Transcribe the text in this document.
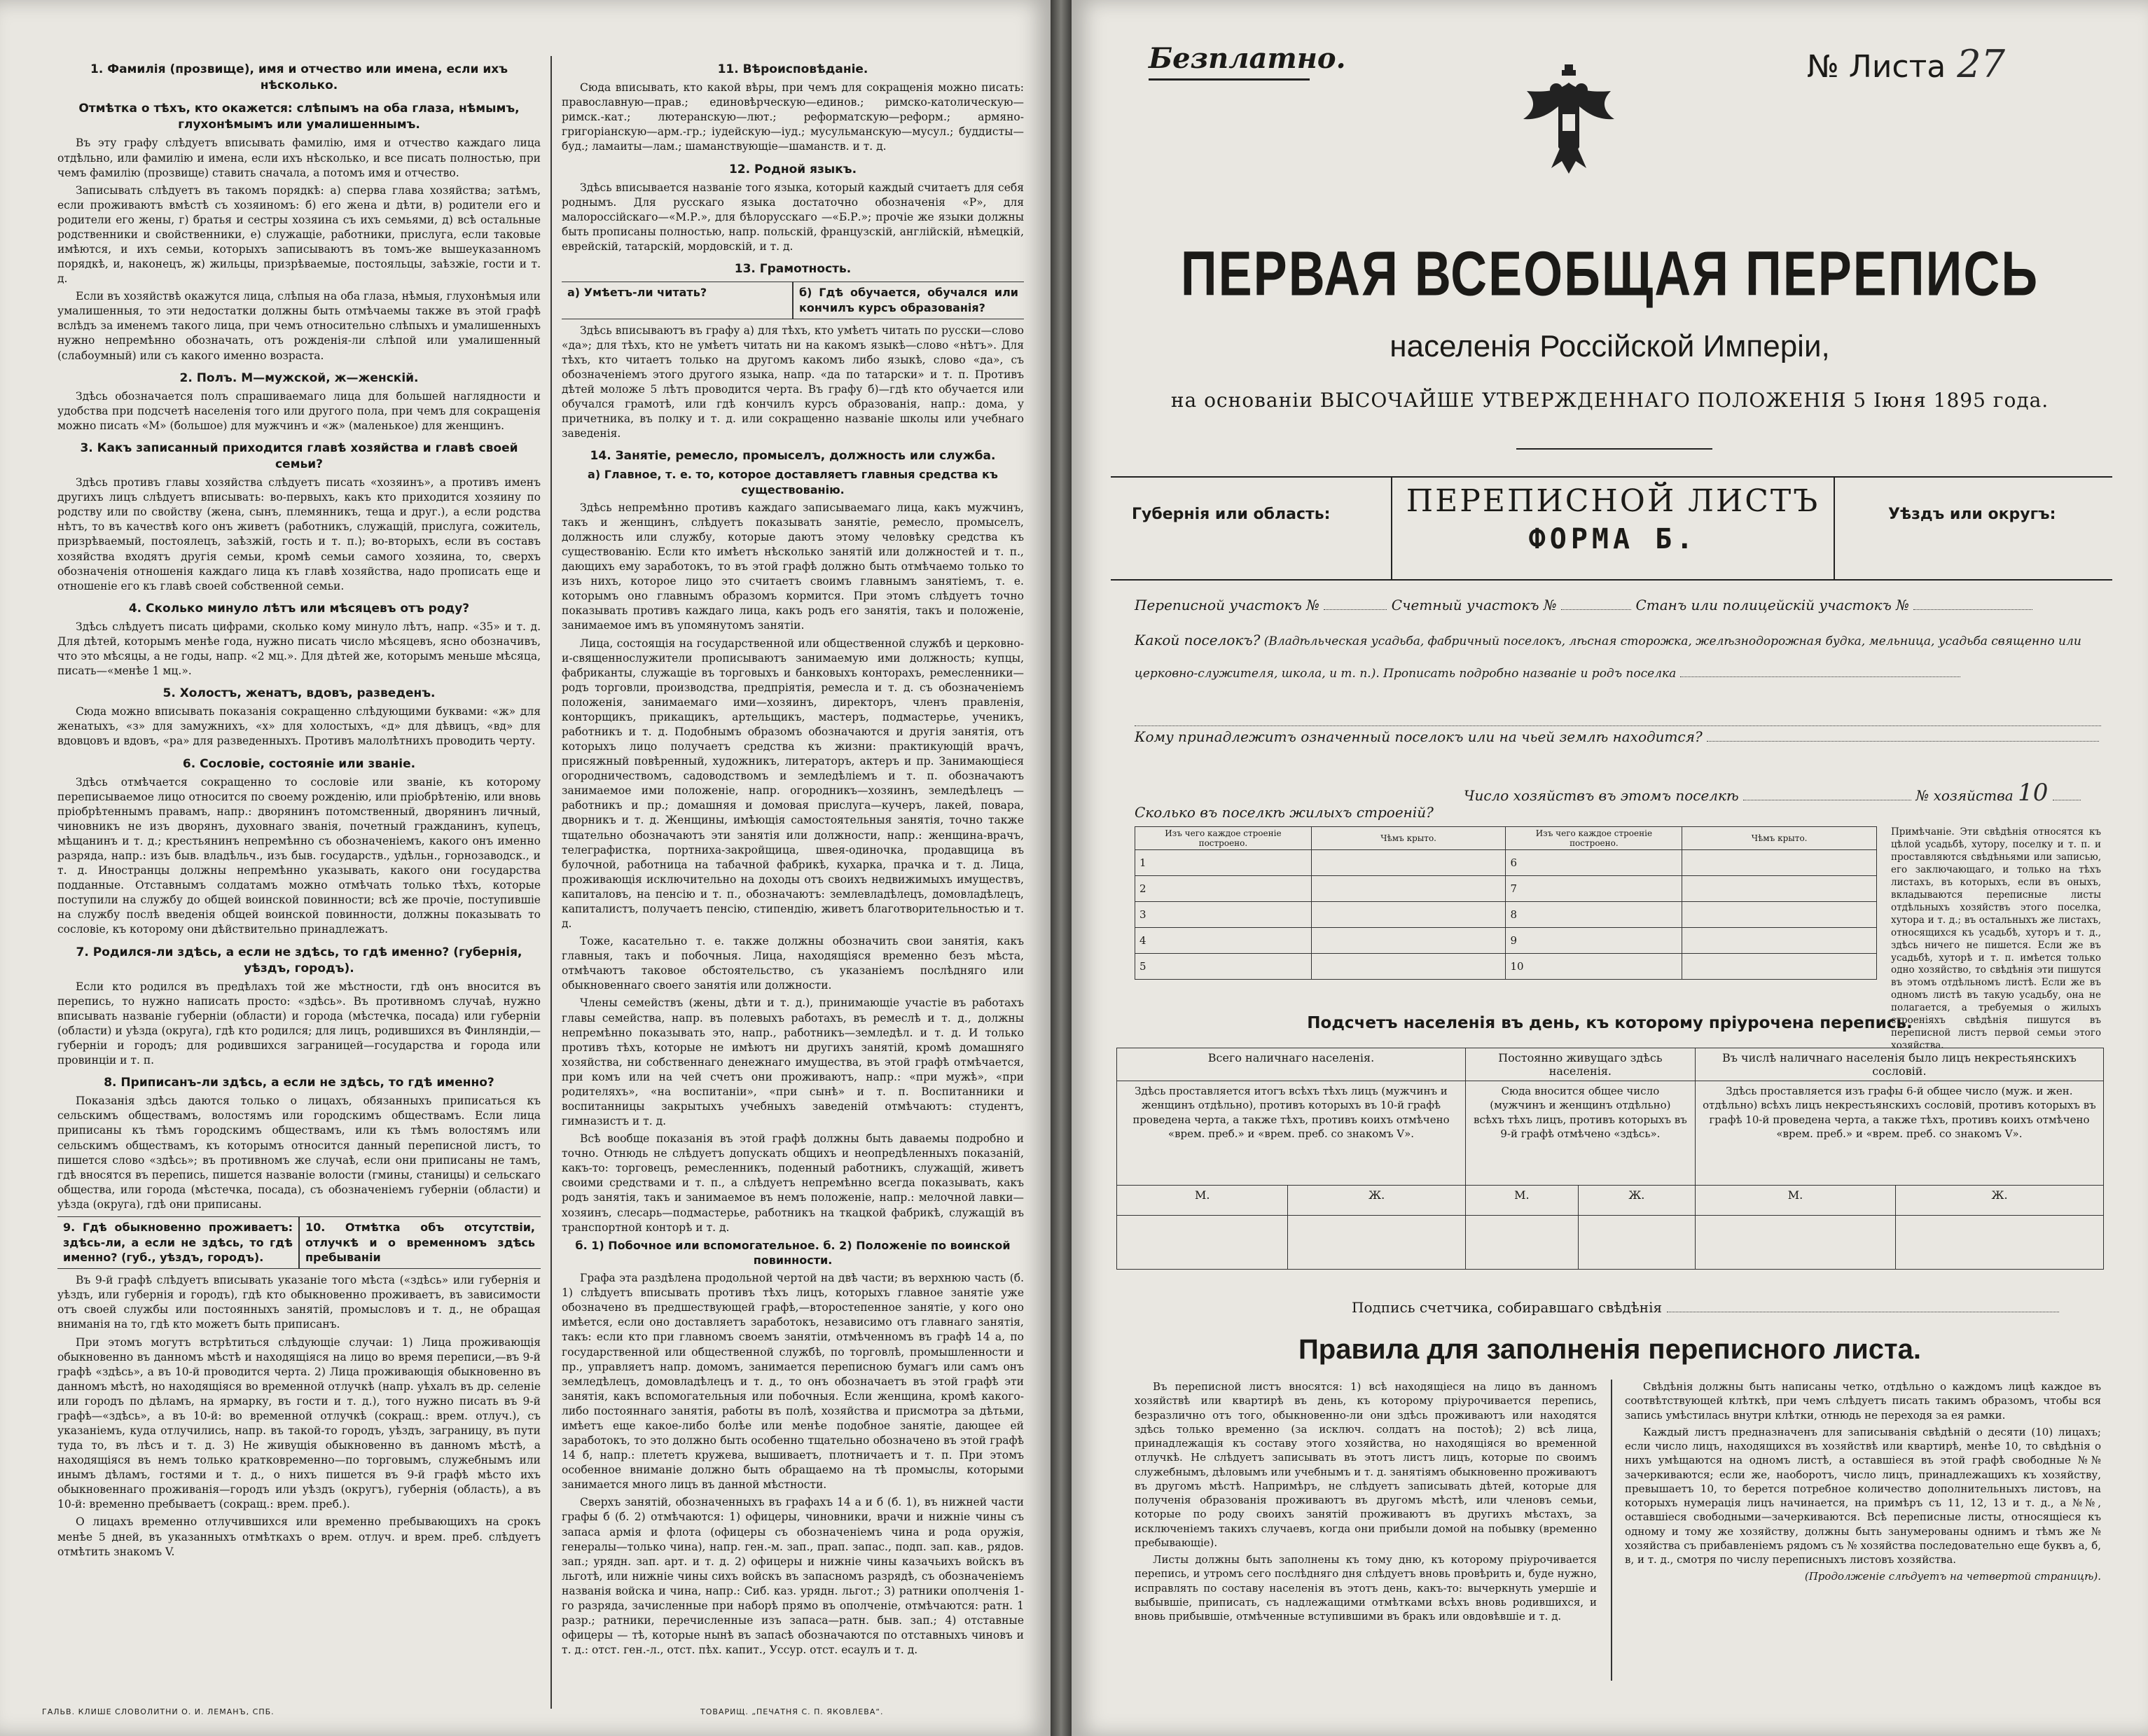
1. Фамилія (прозвище), имя и отчество или имена, если ихъ нѣсколько.
Отмѣтка о тѣхъ, кто окажется: слѣпымъ на оба глаза, нѣмымъ, глухонѣмымъ или умалишеннымъ.

Въ эту графу слѣдуетъ вписывать фамилію, имя и отчество каждаго лица отдѣльно, или фамилію и имена, если ихъ нѣсколько, и все писать полностью, при чемъ фамилію (прозвище) ставить сначала, а потомъ имя и отчество.

Записывать слѣдуетъ въ такомъ порядкѣ: а) сперва глава хозяйства; затѣмъ, если проживаютъ вмѣстѣ съ хозяиномъ: б) его жена и дѣти, в) родители его и родители его жены, г) братья и сестры хозяина съ ихъ семьями, д) всѣ остальные родственники и свойственники, е) служащіе, работники, прислуга, если таковые имѣются, и ихъ семьи, которыхъ записываютъ въ томъ-же вышеуказанномъ порядкѣ, и, наконецъ, ж) жильцы, призрѣваемые, постояльцы, заѣзжіе, гости и т. д.

Если въ хозяйствѣ окажутся лица, слѣпыя на оба глаза, нѣмыя, глухонѣмыя или умалишенныя, то эти недостатки должны быть отмѣчаемы также въ этой графѣ вслѣдъ за именемъ такого лица, при чемъ относительно слѣпыхъ и умалишенныхъ нужно непремѣнно обозначать, отъ рожденія-ли слѣпой или умалишенный (слабоумный) или съ какого именно возраста.

2. Полъ. М—мужской, ж—женскій.

Здѣсь обозначается полъ спрашиваемаго лица для большей наглядности и удобства при подсчетѣ населенія того или другого пола, при чемъ для сокращенія можно писать «М» (большое) для мужчинъ и «ж» (маленькое) для женщинъ.

3. Какъ записанный приходится главѣ хозяйства и главѣ своей семьи?

Здѣсь противъ главы хозяйства слѣдуетъ писать «хозяинъ», а противъ именъ другихъ лицъ слѣдуетъ вписывать: во-первыхъ, какъ кто приходится хозяину по родству или по свойству (жена, сынъ, племянникъ, теща и друг.), а если родства нѣтъ, то въ качествѣ кого онъ живетъ (работникъ, служащій, прислуга, сожитель, призрѣваемый, постоялецъ, заѣзжій, гость и т. п.); во-вторыхъ, если въ составъ хозяйства входятъ другія семьи, кромѣ семьи самого хозяина, то, сверхъ обозначенія отношенія каждаго лица къ главѣ хозяйства, надо прописать еще и отношеніе его къ главѣ своей собственной семьи.

4. Сколько минуло лѣтъ или мѣсяцевъ отъ роду?

Здѣсь слѣдуетъ писать цифрами, сколько кому минуло лѣтъ, напр. «35» и т. д. Для дѣтей, которымъ менѣе года, нужно писать число мѣсяцевъ, ясно обозначивъ, что это мѣсяцы, а не годы, напр. «2 мц.». Для дѣтей же, которымъ меньше мѣсяца, писать—«менѣе 1 мц.».

5. Холостъ, женатъ, вдовъ, разведенъ.

Сюда можно вписывать показанія сокращенно слѣдующими буквами: «ж» для женатыхъ, «з» для замужнихъ, «х» для холостыхъ, «д» для дѣвицъ, «вд» для вдовцовъ и вдовъ, «ра» для разведенныхъ. Противъ малолѣтнихъ проводить черту.

6. Сословіе, состояніе или званіе.

Здѣсь отмѣчается сокращенно то сословіе или званіе, къ которому переписываемое лицо относится по своему рожденію, или пріобрѣтенію, или вновь пріобрѣтеннымъ правамъ, напр.: дворянинъ потомственный, дворянинъ личный, чиновникъ не изъ дворянъ, духовнаго званія, почетный гражданинъ, купецъ, мѣщанинъ и т. д.; крестьянинъ непремѣнно съ обозначеніемъ, какого онъ именно разряда, напр.: изъ быв. владѣльч., изъ быв. государств., удѣльн., горнозаводск., и т. д. Иностранцы должны непремѣнно указывать, какого они государства подданные. Отставнымъ солдатамъ можно отмѣчать только тѣхъ, которые поступили на службу до общей воинской повинности; всѣ же прочіе, поступившіе на службу послѣ введенія общей воинской повинности, должны показывать то сословіе, къ которому они дѣйствительно принадлежатъ.

7. Родился-ли здѣсь, а если не здѣсь, то гдѣ именно? (губернія, уѣздъ, городъ).

Если кто родился въ предѣлахъ той же мѣстности, гдѣ онъ вносится въ перепись, то нужно написать просто: «здѣсь». Въ противномъ случаѣ, нужно вписывать названіе губерніи (области) и города (мѣстечка, посада) или губерніи (области) и уѣзда (округа), гдѣ кто родился; для лицъ, родившихся въ Финляндіи,—губерніи и городъ; для родившихся заграницей—государства и города или провинціи и т. п.

8. Приписанъ-ли здѣсь, а если не здѣсь, то гдѣ именно?

Показанія здѣсь даются только о лицахъ, обязанныхъ приписаться къ сельскимъ обществамъ, волостямъ или городскимъ обществамъ. Если лица приписаны къ тѣмъ городскимъ обществамъ, или къ тѣмъ волостямъ или сельскимъ обществамъ, къ которымъ относится данный переписной листъ, то пишется слово «здѣсь»; въ противномъ же случаѣ, если они приписаны не тамъ, гдѣ вносятся въ перепись, пишется названіе волости (гмины, станицы) и сельскаго общества, или города (мѣстечка, посада), съ обозначеніемъ губерніи (области) и уѣзда (округа), гдѣ они приписаны.

9. Гдѣ обыкновенно проживаетъ: здѣсь-ли, а если не здѣсь, то гдѣ именно? (губ., уѣздъ, городъ).
10. Отмѣтка объ отсутствіи, отлучкѣ и о временномъ здѣсь пребываніи

Въ 9-й графѣ слѣдуетъ вписывать указаніе того мѣста («здѣсь» или губернія и уѣздъ, или губернія и городъ), гдѣ кто обыкновенно проживаетъ, въ зависимости отъ своей службы или постоянныхъ занятій, промысловъ и т. д., не обращая вниманія на то, гдѣ кто можетъ быть приписанъ.

При этомъ могутъ встрѣтиться слѣдующіе случаи: 1) Лица проживающія обыкновенно въ данномъ мѣстѣ и находящіяся на лицо во время переписи,—въ 9-й графѣ «здѣсь», а въ 10-й проводится черта. 2) Лица проживающія обыкновенно въ данномъ мѣстѣ, но находящіяся во временной отлучкѣ (напр. уѣхалъ въ др. селеніе или городъ по дѣламъ, на ярмарку, въ гости и т. д.), того нужно писать въ 9-й графѣ—«здѣсь», а въ 10-й: во временной отлучкѣ (сокращ.: врем. отлуч.), съ указаніемъ, куда отлучились, напр. въ такой-то городъ, уѣздъ, заграницу, въ пути туда то, въ лѣсъ и т. д. 3) Не живущія обыкновенно въ данномъ мѣстѣ, а находящіяся въ немъ только кратковременно—по торговымъ, служебнымъ или инымъ дѣламъ, гостями и т. д., о нихъ пишется въ 9-й графѣ мѣсто ихъ обыкновеннаго проживанія—городъ или уѣздъ (округъ), губернія (область), а въ 10-й: временно пребываетъ (сокращ.: врем. преб.).

О лицахъ временно отлучившихся или временно пребывающихъ на срокъ менѣе 5 дней, въ указанныхъ отмѣткахъ о врем. отлуч. и врем. преб. слѣдуетъ отмѣтить знакомъ V.

11. Вѣроисповѣданіе.

Сюда вписывать, кто какой вѣры, при чемъ для сокращенія можно писать: православную—прав.; единовѣрческую—единов.; римско-католическую—римск.-кат.; лютеранскую—лют.; реформатскую—реформ.; армяно-григоріанскую—арм.-гр.; іудейскую—іуд.; мусульманскую—мусул.; буддисты—буд.; ламаиты—лам.; шаманствующіе—шаманств. и т. д.

12. Родной языкъ.

Здѣсь вписывается названіе того языка, который каждый считаетъ для себя роднымъ. Для русскаго языка достаточно обозначенія «Р», для малороссійскаго—«М.Р.», для бѣлорусскаго —«Б.Р.»; прочіе же языки должны быть прописаны полностью, напр. польскій, французскій, англійскій, нѣмецкій, еврейскій, татарскій, мордовскій, и т. д.

13. Грамотность.
а) Умѣетъ-ли читать?	б) Гдѣ обучается, обучался или кончилъ курсъ образованія?

Здѣсь вписываютъ въ графу а) для тѣхъ, кто умѣетъ читать по русски—слово «да»; для тѣхъ, кто не умѣетъ читать ни на какомъ языкѣ—слово «нѣтъ». Для тѣхъ, кто читаетъ только на другомъ какомъ либо языкѣ, слово «да», съ обозначеніемъ этого другого языка, напр. «да по татарски» и т. п. Противъ дѣтей моложе 5 лѣтъ проводится черта. Въ графу б)—гдѣ кто обучается или обучался грамотѣ, или гдѣ кончилъ курсъ образованія, напр.: дома, у причетника, въ полку и т. д. или сокращенно названіе школы или учебнаго заведенія.

14. Занятіе, ремесло, промыселъ, должность или служба.

а) Главное, т. е. то, которое доставляетъ главныя средства къ существованію.

Здѣсь непремѣнно противъ каждаго записываемаго лица, какъ мужчинъ, такъ и женщинъ, слѣдуетъ показывать занятіе, ремесло, промыселъ, должность или службу, которые даютъ этому человѣку средства къ существованію. Если кто имѣетъ нѣсколько занятій или должностей и т. п., дающихъ ему заработокъ, то въ этой графѣ должно быть отмѣчаемо только то изъ нихъ, которое лицо это считаетъ своимъ главнымъ занятіемъ, т. е. которымъ оно главнымъ образомъ кормится. При этомъ слѣдуетъ точно показывать противъ каждаго лица, какъ родъ его занятія, такъ и положеніе, занимаемое имъ въ упомянутомъ занятіи.

Лица, состоящія на государственной или общественной службѣ и церковно-и-священнослужители прописываютъ занимаемую ими должность; купцы, фабриканты, служащіе въ торговыхъ и банковыхъ конторахъ, ремесленники—родъ торговли, производства, предпріятія, ремесла и т. д. съ обозначеніемъ положенія, занимаемаго ими—хозяинъ, директоръ, членъ правленія, конторщикъ, прикащикъ, артельщикъ, мастеръ, подмастерье, ученикъ, работникъ и т. д. Подобнымъ образомъ обозначаются и другія занятія, отъ которыхъ лицо получаетъ средства къ жизни: практикующій врачъ, присяжный повѣренный, художникъ, литераторъ, актеръ и пр. Занимающіеся огородничествомъ, садоводствомъ и земледѣліемъ и т. п. обозначаютъ занимаемое ими положеніе, напр. огородникъ—хозяинъ, земледѣлецъ — работникъ и пр.; домашняя и домовая прислуга—кучеръ, лакей, повара, дворникъ и т. д. Женщины, имѣющія самостоятельныя занятія, точно также тщательно обозначаютъ эти занятія или должности, напр.: женщина-врачъ, телеграфистка, портниха-закройщица, швея-одиночка, продавщица въ булочной, работница на табачной фабрикѣ, кухарка, прачка и т. д. Лица, проживающія исключительно на доходы отъ своихъ недвижимыхъ имуществъ, капиталовъ, на пенсію и т. п., обозначаютъ: землевладѣлецъ, домовладѣлецъ, капиталистъ, получаетъ пенсію, стипендію, живетъ благотворительностью и т. д.

Тоже, касательно т. е. также должны обозначить свои занятія, какъ главныя, такъ и побочныя. Лица, находящіяся временно безъ мѣста, отмѣчаютъ таковое обстоятельство, съ указаніемъ послѣдняго или обыкновеннаго своего занятія или должности.

Члены семействъ (жены, дѣти и т. д.), принимающіе участіе въ работахъ главы семейства, напр. въ полевыхъ работахъ, въ ремеслѣ и т. д., должны непремѣнно показывать это, напр., работникъ—земледѣл. и т. д. И только противъ тѣхъ, которые не имѣютъ ни другихъ занятій, кромѣ домашняго хозяйства, ни собственнаго денежнаго имущества, въ этой графѣ отмѣчается, при комъ или на чей счетъ они проживаютъ, напр.: «при мужѣ», «при родителяхъ», «на воспитаніи», «при сынѣ» и т. п. Воспитанники и воспитанницы закрытыхъ учебныхъ заведеній отмѣчаютъ: студентъ, гимназистъ и т. д.

Всѣ вообще показанія въ этой графѣ должны быть даваемы подробно и точно. Отнюдь не слѣдуетъ допускать общихъ и неопредѣленныхъ показаній, какъ-то: торговецъ, ремесленникъ, поденный работникъ, служащій, живетъ своими средствами и т. п., а слѣдуетъ непремѣнно всегда показывать, какъ родъ занятія, такъ и занимаемое въ немъ положеніе, напр.: мелочной лавки—хозяинъ, слесарь—подмастерье, работникъ на ткацкой фабрикѣ, служащій въ транспортной конторѣ и т. д.

б. 1) Побочное или вспомогательное. б. 2) Положеніе по воинской повинности.

Графа эта раздѣлена продольной чертой на двѣ части; въ верхнюю часть (б. 1) слѣдуетъ вписывать противъ тѣхъ лицъ, которыхъ главное занятіе уже обозначено въ предшествующей графѣ,—второстепенное занятіе, у кого оно имѣется, если оно доставляетъ заработокъ, независимо отъ главнаго занятія, такъ: если кто при главномъ своемъ занятіи, отмѣченномъ въ графѣ 14 а, по государственной или общественной службѣ, по торговлѣ, промышленности и пр., управляетъ напр. домомъ, занимается переписною бумагъ или самъ онъ земледѣлецъ, домовладѣлецъ и т. д., то онъ обозначаетъ въ этой графѣ эти занятія, какъ вспомогательныя или побочныя. Если женщина, кромѣ какого-либо постояннаго занятія, работы въ полѣ, хозяйства и присмотра за дѣтьми, имѣетъ еще какое-либо болѣе или менѣе подобное занятіе, дающее ей заработокъ, то это должно быть особенно тщательно обозначено въ этой графѣ 14 б, напр.: плететъ кружева, вышиваетъ, плотничаетъ и т. п. При этомъ особенное вниманіе должно быть обращаемо на тѣ промыслы, которыми занимается много лицъ въ данной мѣстности.

Сверхъ занятій, обозначенныхъ въ графахъ 14 а и б (б. 1), въ нижней части графы б (б. 2) отмѣчаются: 1) офицеры, чиновники, врачи и нижніе чины съ запаса армія и флота (офицеры съ обозначеніемъ чина и рода оружія, генералы—только чина), напр. ген.-м. зап., прап. запас., подп. зап. кав., рядов. зап.; урядн. зап. арт. и т. д. 2) офицеры и нижніе чины казачьихъ войскъ въ льготѣ, или нижніе чины сихъ войскъ въ запасномъ разрядѣ, съ обозначеніемъ названія войска и чина, напр.: Сиб. каз. урядн. льгот.; 3) ратники ополченія 1-го разряда, зачисленные при наборѣ прямо въ ополченіе, отмѣчаются: ратн. 1 разр.; ратники, перечисленные изъ запаса—ратн. быв. зап.; 4) отставные офицеры — тѣ, которые нынѣ въ запасѣ обозначаются по отставныхъ чиновъ и т. д.: отст. ген.-л., отст. пѣх. капит., Уссур. отст. есаулъ и т. д.

ГАЛЬВ. КЛИШЕ СЛОВОЛИТНИ О. И. ЛЕМАНЪ, СПБ.	ТОВАРИЩ. „ПЕЧАТНЯ С. П. ЯКОВЛЕВА“.
Безплатно.	№ Листа 27
ПЕРВАЯ ВСЕОБЩАЯ ПЕРЕПИСЬ
населенія Россійской Имперіи,
на основаніи ВЫСОЧАЙШЕ УТВЕРЖДЕННАГО ПОЛОЖЕНІЯ 5 Іюня 1895 года.
Губернія или область:	ПЕРЕПИСНОЙ ЛИСТЪ
ФОРМА Б.
Уѣздъ или округъ:
Переписной участокъ №	Счетный участокъ №	Станъ или полицейскій участокъ №
Какой поселокъ? (Владѣльческая усадьба, фабричный поселокъ, лѣсная сторожка, желѣзнодорожная будка, мельница, усадьба священно или
церковно-служителя, школа, и т. п.). Прописать подробно названіе и родъ поселка

Кому принадлежитъ означенный поселокъ или на чьей землѣ находится?
Число хозяйствъ въ этомъ поселкѣ	№ хозяйства 10
Сколько въ поселкѣ жилыхъ строеній?
Изъ чего каждое строеніе построено.	Чѣмъ крыто.	Изъ чего каждое строеніе построено.	Чѣмъ крыто.
1		6	
2		7	
3		8	
4		9	
5		10	
Примѣчаніе. Эти свѣдѣнія относятся къ цѣлой усадьбѣ, хутору, поселку и т. п. и проставляются свѣдѣньями или записью, его заключающаго, и только на тѣхъ листахъ, въ которыхъ, если въ оныхъ, вкладываются переписные листы отдѣльныхъ хозяйствъ этого поселка, хутора и т. д.; въ остальныхъ же листахъ, относящихся къ усадьбѣ, хуторъ и т. д., здѣсь ничего не пишется. Если же въ усадьбѣ, хуторѣ и т. п. имѣется только одно хозяйство, то свѣдѣнія эти пишутся въ этомъ отдѣльномъ листѣ. Если же въ одномъ листѣ въ такую усадьбу, она не полагается, а требуемыя о жилыхъ строеніяхъ свѣдѣнія пишутся въ переписной листъ первой семьи этого хозяйства.
Подсчетъ населенія въ день, къ которому пріурочена перепись.
Всего наличнаго населенія.		Постоянно живущаго здѣсь населенія.		Въ числѣ наличнаго населенія было лицъ некрестьянскихъ сословій.	
Здѣсь проставляется итогъ всѣхъ тѣхъ лицъ (мужчинъ и женщинъ отдѣльно), противъ которыхъ въ 10-й графѣ проведена черта, а также тѣхъ, противъ коихъ отмѣчено «врем. преб.» и «врем. преб. со знакомъ V».		Сюда вносится общее число (мужчинъ и женщинъ отдѣльно) всѣхъ тѣхъ лицъ, противъ которыхъ въ 9-й графѣ отмѣчено «здѣсь».		Здѣсь проставляется изъ графы 6-й общее число (муж. и жен. отдѣльно) всѣхъ лицъ некрестьянскихъ сословій, противъ которыхъ въ графѣ 10-й проведена черта, а также тѣхъ, противъ коихъ отмѣчено «врем. преб.» и «врем. преб. со знакомъ V».	
М.	Ж.	М.	Ж.	М.	Ж.

Подпись счетчика, собиравшаго свѣдѣнія
Правила для заполненія переписного листа.

Въ переписной листъ вносятся: 1) всѣ находящіеся на лицо въ данномъ хозяйствѣ или квартирѣ въ день, къ которому пріурочивается перепись, безразлично отъ того, обыкновенно-ли они здѣсь проживаютъ или находятся здѣсь только временно (за исключ. солдатъ на постоѣ); 2) всѣ лица, принадлежащія къ составу этого хозяйства, но находящіяся во временной отлучкѣ. Не слѣдуетъ записывать въ этотъ листъ лицъ, которые по своимъ служебнымъ, дѣловымъ или учебнымъ и т. д. занятіямъ обыкновенно проживаютъ въ другомъ мѣстѣ. Напримѣръ, не слѣдуетъ записывать дѣтей, которые для полученія образованія проживаютъ въ другомъ мѣстѣ, или членовъ семьи, которые по роду своихъ занятій проживаютъ въ другихъ мѣстахъ, за исключеніемъ такихъ случаевъ, когда они прибыли домой на побывку (временно пребывающіе).

Листы должны быть заполнены къ тому дню, къ которому пріурочивается перепись, и утромъ сего послѣдняго дня слѣдуетъ вновь провѣрить и, буде нужно, исправлять по составу населенія въ этотъ день, какъ-то: вычеркнуть умершіе и выбывшіе, приписать, съ надлежащими отмѣтками всѣхъ вновь родившихся, и вновь прибывшіе, отмѣченные вступившими въ бракъ или овдовѣвшіе и т. д.

Свѣдѣнія должны быть написаны четко, отдѣльно о каждомъ лицѣ каждое въ соотвѣтствующей клѣткѣ, при чемъ слѣдуетъ писать такимъ образомъ, чтобы вся запись умѣстилась внутри клѣтки, отнюдь не переходя за ея рамки.

Каждый листъ предназначенъ для записыванія свѣдѣній о десяти (10) лицахъ; если число лицъ, находящихся въ хозяйствѣ или квартирѣ, менѣе 10, то свѣдѣнія о нихъ умѣщаются на одномъ листѣ, а оставшіеся въ этой графѣ свободные №№ зачеркиваются; если же, наоборотъ, число лицъ, принадлежащихъ къ хозяйству, превышаетъ 10, то берется потребное количество дополнительныхъ листовъ, на которыхъ нумерація лицъ начинается, на примѣръ съ 11, 12, 13 и т. д., а №№, оставшіеся свободными—зачеркиваются. Всѣ переписные листы, относящіеся къ одному и тому же хозяйству, должны быть занумерованы однимъ и тѣмъ же № хозяйства съ прибавленіемъ рядомъ съ № хозяйства последовательно еще буквъ а, б, в, и т. д., смотря по числу переписныхъ листовъ хозяйства.

(Продолженіе слѣдуетъ на четвертой страницѣ).
